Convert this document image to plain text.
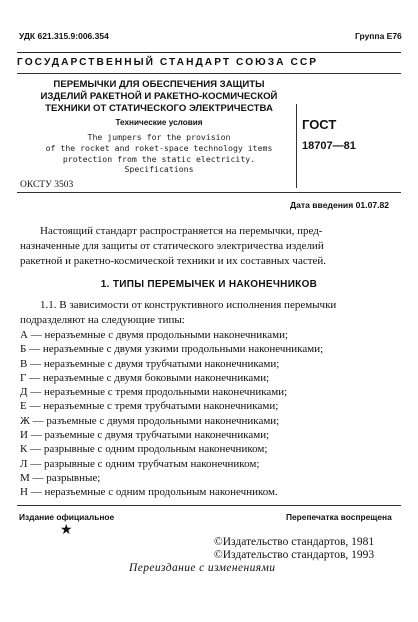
УДК 621.315.9:006.354	Группа Е76
ГОСУДАРСТВЕННЫЙ СТАНДАРТ СОЮЗА ССР
ПЕРЕМЫЧКИ ДЛЯ ОБЕСПЕЧЕНИЯ ЗАЩИТЫ
ИЗДЕЛИЙ РАКЕТНОЙ И РАКЕТНО-КОСМИЧЕСКОЙ
ТЕХНИКИ ОТ СТАТИЧЕСКОГО ЭЛЕКТРИЧЕСТВА
Технические условия
The jumpers for the provision
of the rocket and roket-space technology items
protection from the static electricity.
Specifications
ГОСТ
18707—81
ОКСТУ 3503
Дата введения 01.07.82
Настоящий стандарт распространяется на перемычки, пред-
назначенные для защиты от статического электричества изделий
ракетной и ракетно-космической техники и их составных частей.
1. ТИПЫ ПЕРЕМЫЧЕК И НАКОНЕЧНИКОВ
1.1. В зависимости от конструктивного исполнения перемычки
подразделяют на следующие типы:
А — неразъемные с двумя продольными наконечниками;
Б — неразъемные с двумя узкими продольными наконечниками;
В — неразъемные с двумя трубчатыми наконечниками;
Г — неразъемные с двумя боковыми наконечниками;
Д — неразъемные с тремя продольными наконечниками;
Е — неразъемные с тремя трубчатыми наконечниками;
Ж — разъемные с двумя продольными наконечниками;
И — разъемные с двумя трубчатыми наконечниками;
К — разрывные с одним продольным наконечником;
Л — разрывные с одним трубчатым наконечником;
М — разрывные;
Н — неразъемные с одним продольным наконечником.
Издание официальное	Перепечатка воспрещена
★
©Издательство стандартов, 1981
©Издательство стандартов, 1993
Переиздание с изменениями
